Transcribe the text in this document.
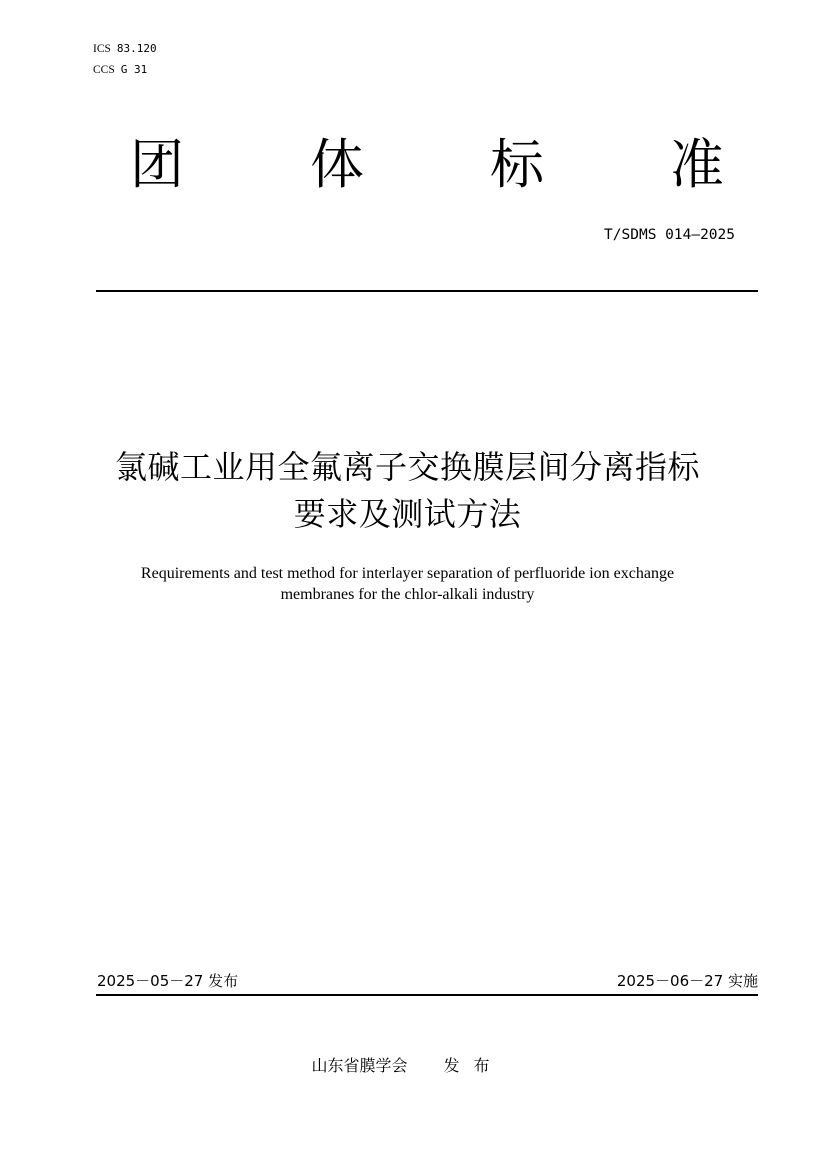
ICS 83.120
CCS G 31
团 体 标 准
T/SDMS 014—2025
氯碱工业用全氟离子交换膜层间分离指标
要求及测试方法
Requirements and test method for interlayer separation of perfluoride ion exchange
membranes for the chlor-alkali industry
2025－05－27 发布	2025－06－27 实施
山东省膜学会 发布
